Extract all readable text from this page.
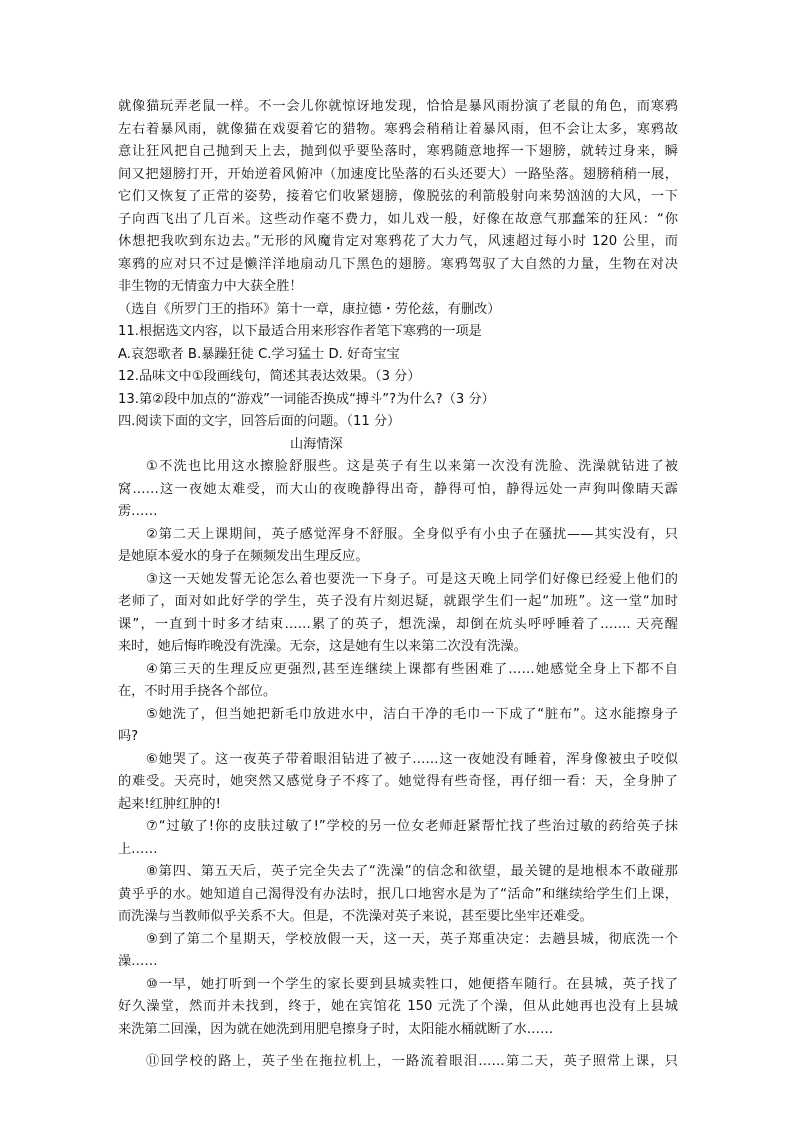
就像猫玩弄老鼠一样。不一会儿你就惊讶地发现，恰恰是暴风雨扮演了老鼠的角色，而寒鸦

左右着暴风雨，就像猫在戏耍着它的猎物。寒鸦会稍稍让着暴风雨，但不会让太多，寒鸦故

意让狂风把自己抛到天上去，抛到似乎要坠落时，寒鸦随意地挥一下翅膀，就转过身来，瞬

间又把翅膀打开，开始逆着风俯冲（加速度比坠落的石头还要大）一路坠落。翅膀稍稍一展，

它们又恢复了正常的姿势，接着它们收紧翅膀，像脱弦的利箭般射向来势汹汹的大风，一下

子向西飞出了几百米。这些动作毫不费力，如儿戏一般，好像在故意气那蠢笨的狂风：“你

休想把我吹到东边去。”无形的风魔肯定对寒鸦花了大力气，风速超过每小时 120 公里，而

寒鸦的应对只不过是懒洋洋地扇动几下黑色的翅膀。寒鸦驾驭了大自然的力量，生物在对决

非生物的无情蛮力中大获全胜！

（选自《所罗门王的指环》第十一章，康拉德・劳伦兹，有删改）

11.根据选文内容，以下最适合用来形容作者笔下寒鸦的一项是

A.哀怨歌者 B.暴躁狂徒 C.学习猛士 D. 好奇宝宝

12.品味文中①段画线句，简述其表达效果。（3 分）

13.第②段中加点的“游戏”一词能否换成“搏斗”?为什么?（3 分）

四.阅读下面的文字，回答后面的问题。（11 分）

山海情深

①不洗也比用这水擦脸舒服些。这是英子有生以来第一次没有洗脸、洗澡就钻进了被

窝……这一夜她太难受，而大山的夜晚静得出奇，静得可怕，静得远处一声狗叫像睛天霹

雳……

②第二天上课期间，英子感觉浑身不舒服。全身似乎有小虫子在骚扰——其实没有，只

是她原本爱水的身子在频频发出生理反应。

③这一天她发誓无论怎么着也要洗一下身子。可是这天晚上同学们好像已经爱上他们的

老师了，面对如此好学的学生，英子没有片刻迟疑，就跟学生们一起“加班”。这一堂“加时

课”，一直到十时多才结束……累了的英子，想洗澡，却倒在炕头呼呼睡着了……. 天亮醒

来时，她后悔昨晚没有洗澡。无奈，这是她有生以来第二次没有洗澡。

④第三天的生理反应更强烈,甚至连继续上课都有些困难了……她感觉全身上下都不自

在，不时用手挠各个部位。

⑤她洗了，但当她把新毛巾放进水中，洁白干净的毛巾一下成了“脏布”。这水能擦身子

吗?

⑥她哭了。这一夜英子带着眼泪钻进了被子……这一夜她没有睡着，浑身像被虫子咬似

的难受。天亮时，她突然又感觉身子不疼了。她觉得有些奇怪，再仔细一看：天，全身肿了

起来!红肿红肿的!

⑦“过敏了!你的皮肤过敏了!”学校的另一位女老师赶紧帮忙找了些治过敏的药给英子抹

上……

⑧第四、第五天后，英子完全失去了“洗澡”的信念和欲望，最关键的是地根本不敢碰那

黄乎乎的水。她知道自己渴得没有办法时，抿几口地窖水是为了“活命”和继续给学生们上课，

而洗澡与当教师似乎关系不大。但是，不洗澡对英子来说，甚至要比坐牢还难受。

⑨到了第二个星期天，学校放假一天，这一天，英子郑重决定：去趟县城，彻底洗一个

澡……

⑩一早，她打听到一个学生的家长要到县城卖牲口，她便搭车随行。在县城，英子找了

好久澡堂，然而并未找到，终于，她在宾馆花 150 元洗了个澡，但从此她再也没有上县城

来洗第二回澡，因为就在她洗到用肥皂擦身子时，太阳能水桶就断了水……

⑪回学校的路上，英子坐在拖拉机上，一路流着眼泪……第二天，英子照常上课，只
